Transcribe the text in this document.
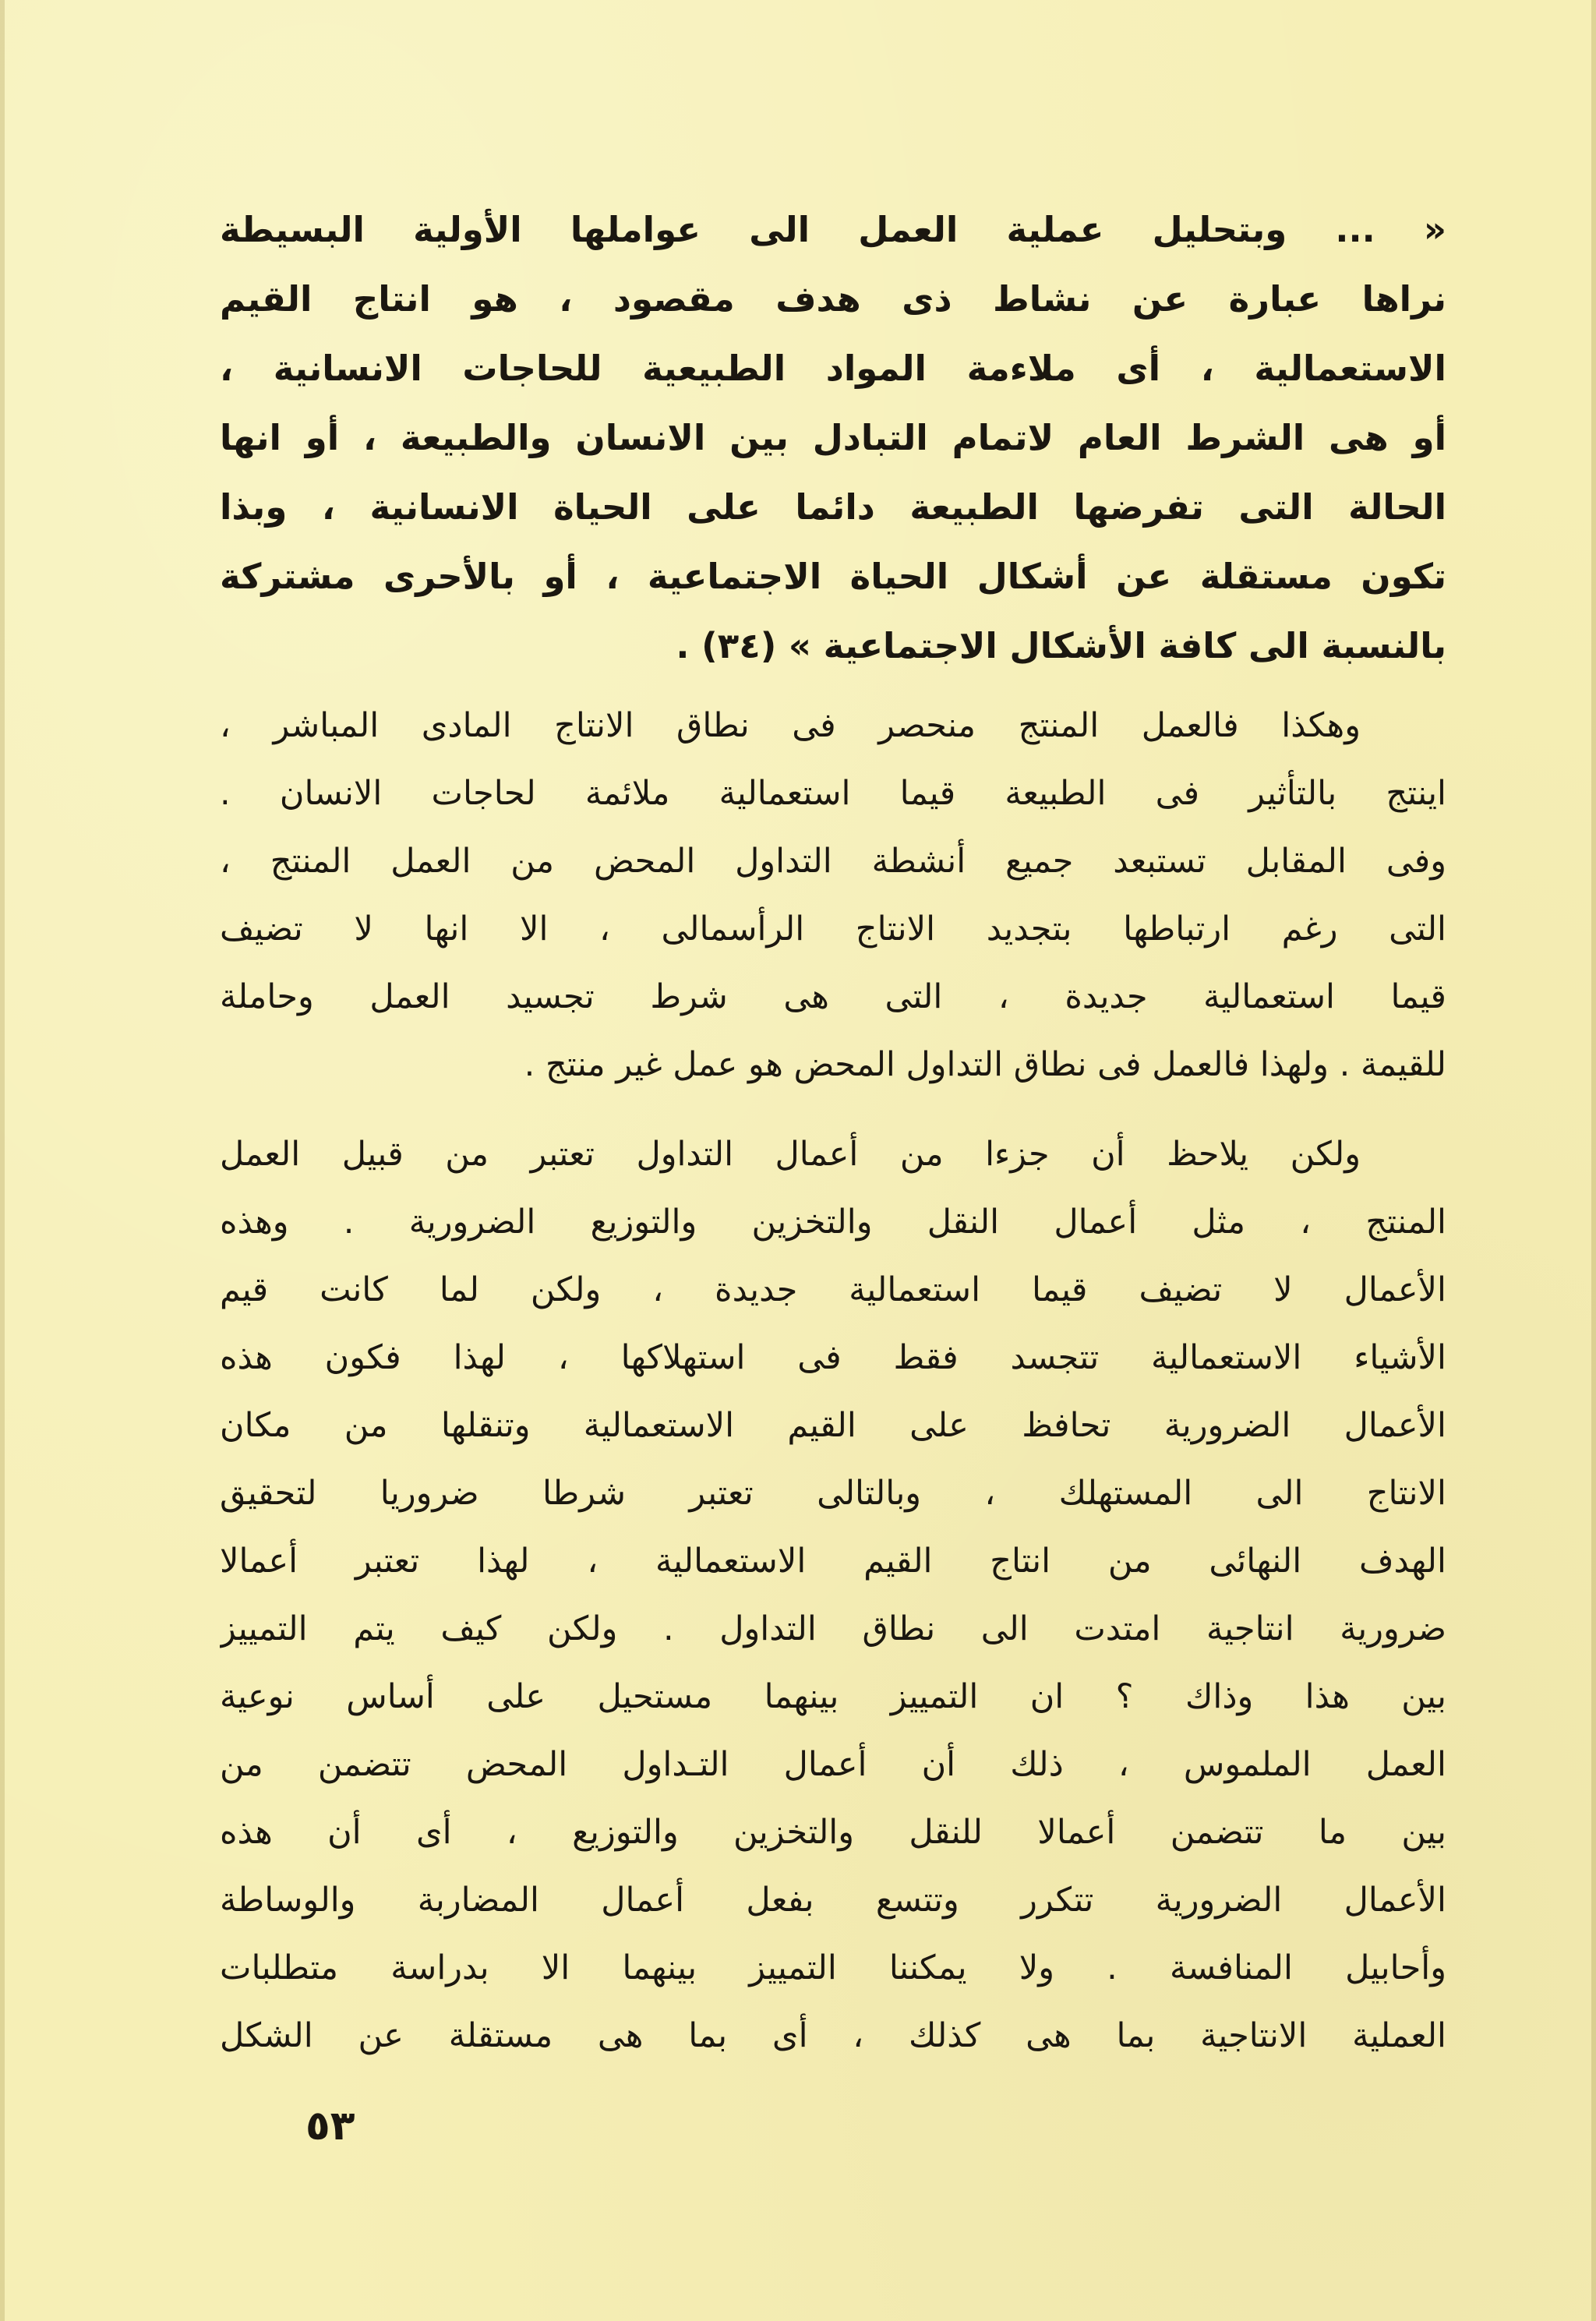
« ... وبتحليل عملية العمل الى عواملها الأولية البسيطة
نراها عبارة عن نشاط ذى هدف مقصود ، هو انتاج القيم
الاستعمالية ، أى ملاءمة المواد الطبيعية للحاجات الانسانية ،
أو هى الشرط العام لاتمام التبادل بين الانسان والطبيعة ، أو انها
الحالة التى تفرضها الطبيعة دائما على الحياة الانسانية ، وبذا
تكون مستقلة عن أشكال الحياة الاجتماعية ، أو بالأحرى مشتركة
بالنسبة الى كافة الأشكال الاجتماعية » (٣٤) .
وهكذا فالعمل المنتج منحصر فى نطاق الانتاج المادى المباشر ،
اينتج بالتأثير فى الطبيعة قيما استعمالية ملائمة لحاجات الانسان .
وفى المقابل تستبعد جميع أنشطة التداول المحض من العمل المنتج ،
التى رغم ارتباطها بتجديد الانتاج الرأسمالى ، الا انها لا تضيف
قيما استعمالية جديدة ، التى هى شرط تجسيد العمل وحاملة
للقيمة . ولهذا فالعمل فى نطاق التداول المحض هو عمل غير منتج .
ولكن يلاحظ أن جزءا من أعمال التداول تعتبر من قبيل العمل
المنتج ، مثل أعمال النقل والتخزين والتوزيع الضرورية . وهذه
الأعمال لا تضيف قيما استعمالية جديدة ، ولكن لما كانت قيم
الأشياء الاستعمالية تتجسد فقط فى استهلاكها ، لهذا فكون هذه
الأعمال الضرورية تحافظ على القيم الاستعمالية وتنقلها من مكان
الانتاج الى المستهلك ، وبالتالى تعتبر شرطا ضروريا لتحقيق
الهدف النهائى من انتاج القيم الاستعمالية ، لهذا تعتبر أعمالا
ضرورية انتاجية امتدت الى نطاق التداول . ولكن كيف يتم التمييز
بين هذا وذاك ؟ ان التمييز بينهما مستحيل على أساس نوعية
العمل الملموس ، ذلك أن أعمال التـداول المحض تتضمن من
بين ما تتضمن أعمالا للنقل والتخزين والتوزيع ، أى أن هذه
الأعمال الضرورية تتكرر وتتسع بفعل أعمال المضاربة والوساطة
وأحابيل المنافسة . ولا يمكننا التمييز بينهما الا بدراسة متطلبات
العملية الانتاجية بما هى كذلك ، أى بما هى مستقلة عن الشكل
٥٣
